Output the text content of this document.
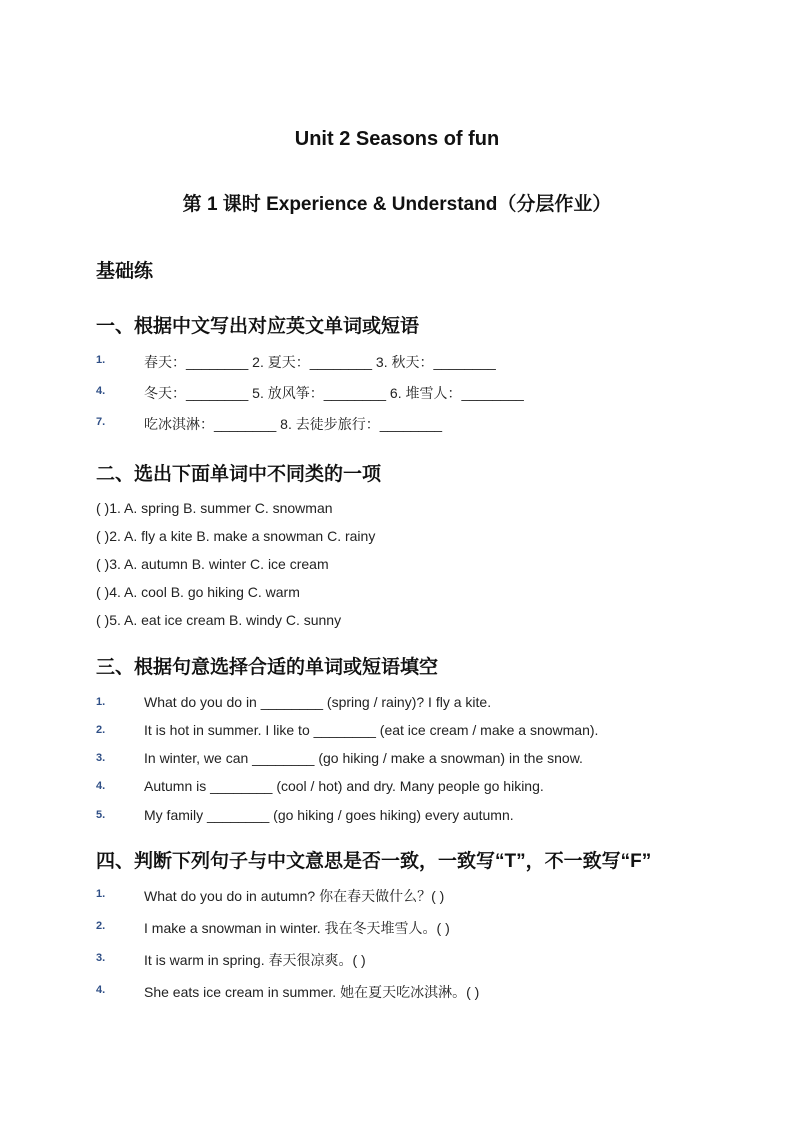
Unit 2 Seasons of fun
第 1 课时 Experience & Understand（分层作业）
基础练
一、根据中文写出对应英文单词或短语
1.	春天：________ 2. 夏天：________ 3. 秋天：________
4.	冬天：________ 5. 放风筝：________ 6. 堆雪人：________
7.	吃冰淇淋：________ 8. 去徒步旅行：________
二、选出下面单词中不同类的一项
( )1. A. spring B. summer C. snowman
( )2. A. fly a kite B. make a snowman C. rainy
( )3. A. autumn B. winter C. ice cream
( )4. A. cool B. go hiking C. warm
( )5. A. eat ice cream B. windy C. sunny
三、根据句意选择合适的单词或短语填空
1.	What do you do in ________ (spring / rainy)? I fly a kite.
2.	It is hot in summer. I like to ________ (eat ice cream / make a snowman).
3.	In winter, we can ________ (go hiking / make a snowman) in the snow.
4.	Autumn is ________ (cool / hot) and dry. Many people go hiking.
5.	My family ________ (go hiking / goes hiking) every autumn.
四、判断下列句子与中文意思是否一致，一致写“T”，不一致写“F”
1.	What do you do in autumn? 你在春天做什么？( )
2.	I make a snowman in winter. 我在冬天堆雪人。( )
3.	It is warm in spring. 春天很凉爽。( )
4.	She eats ice cream in summer. 她在夏天吃冰淇淋。( )
